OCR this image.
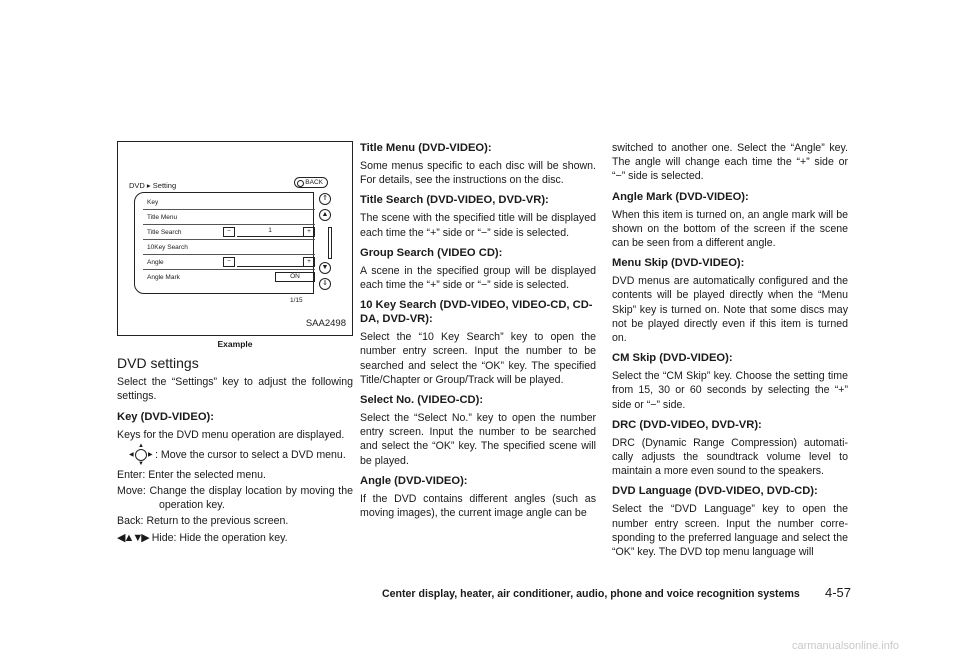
DVD ▸ Setting	BACK
Key
Title Menu
Title Search	−	1	+
10Key Search
Angle	−	+
Angle Mark	ON
⇑
▲
▼
⇓
1/15
SAA2498
Example
DVD settings
Select the “Settings” key to adjust the following settings.
Key (DVD-VIDEO):
Keys for the DVD menu operation are displayed.
▲
▼
◀ ▶ : Move the cursor to select a DVD menu.
Enter: Enter the selected menu.
Move: Change the display location by moving the operation key.
Back: Return to the previous screen.
◀▲▼▶ Hide: Hide the operation key.
Title Menu (DVD-VIDEO):
Some menus specific to each disc will be shown. For details, see the instructions on the disc.
Title Search (DVD-VIDEO, DVD-VR):
The scene with the specified title will be displayed each time the “+” side or “−” side is selected.
Group Search (VIDEO CD):
A scene in the specified group will be displayed each time the “+” side or “−” side is selected.
10 Key Search (DVD-VIDEO, VIDEO-CD, CD-DA, DVD-VR):
Select the “10 Key Search” key to open the number entry screen. Input the number to be searched and select the “OK” key. The specified Title/Chapter or Group/Track will be played.
Select No. (VIDEO-CD):
Select the “Select No.” key to open the number entry screen. Input the number to be searched and select the “OK” key. The specified scene will be played.
Angle (DVD-VIDEO):
If the DVD contains different angles (such as moving images), the current image angle can be
switched to another one. Select the “Angle” key. The angle will change each time the “+” side or “−” side is selected.
Angle Mark (DVD-VIDEO):
When this item is turned on, an angle mark will be shown on the bottom of the screen if the scene can be seen from a different angle.
Menu Skip (DVD-VIDEO):
DVD menus are automatically configured and the contents will be played directly when the “Menu Skip” key is turned on. Note that some discs may not be played directly even if this item is turned on.
CM Skip (DVD-VIDEO):
Select the “CM Skip” key. Choose the setting time from 15, 30 or 60 seconds by selecting the “+” side or “−” side.
DRC (DVD-VIDEO, DVD-VR):
DRC (Dynamic Range Compression) automati-cally adjusts the soundtrack volume level to maintain a more even sound to the speakers.
DVD Language (DVD-VIDEO, DVD-CD):
Select the “DVD Language” key to open the number entry screen. Input the number corre-sponding to the preferred language and select the “OK” key. The DVD top menu language will
Center display, heater, air conditioner, audio, phone and voice recognition systems 4-57
carmanualsonline.info
